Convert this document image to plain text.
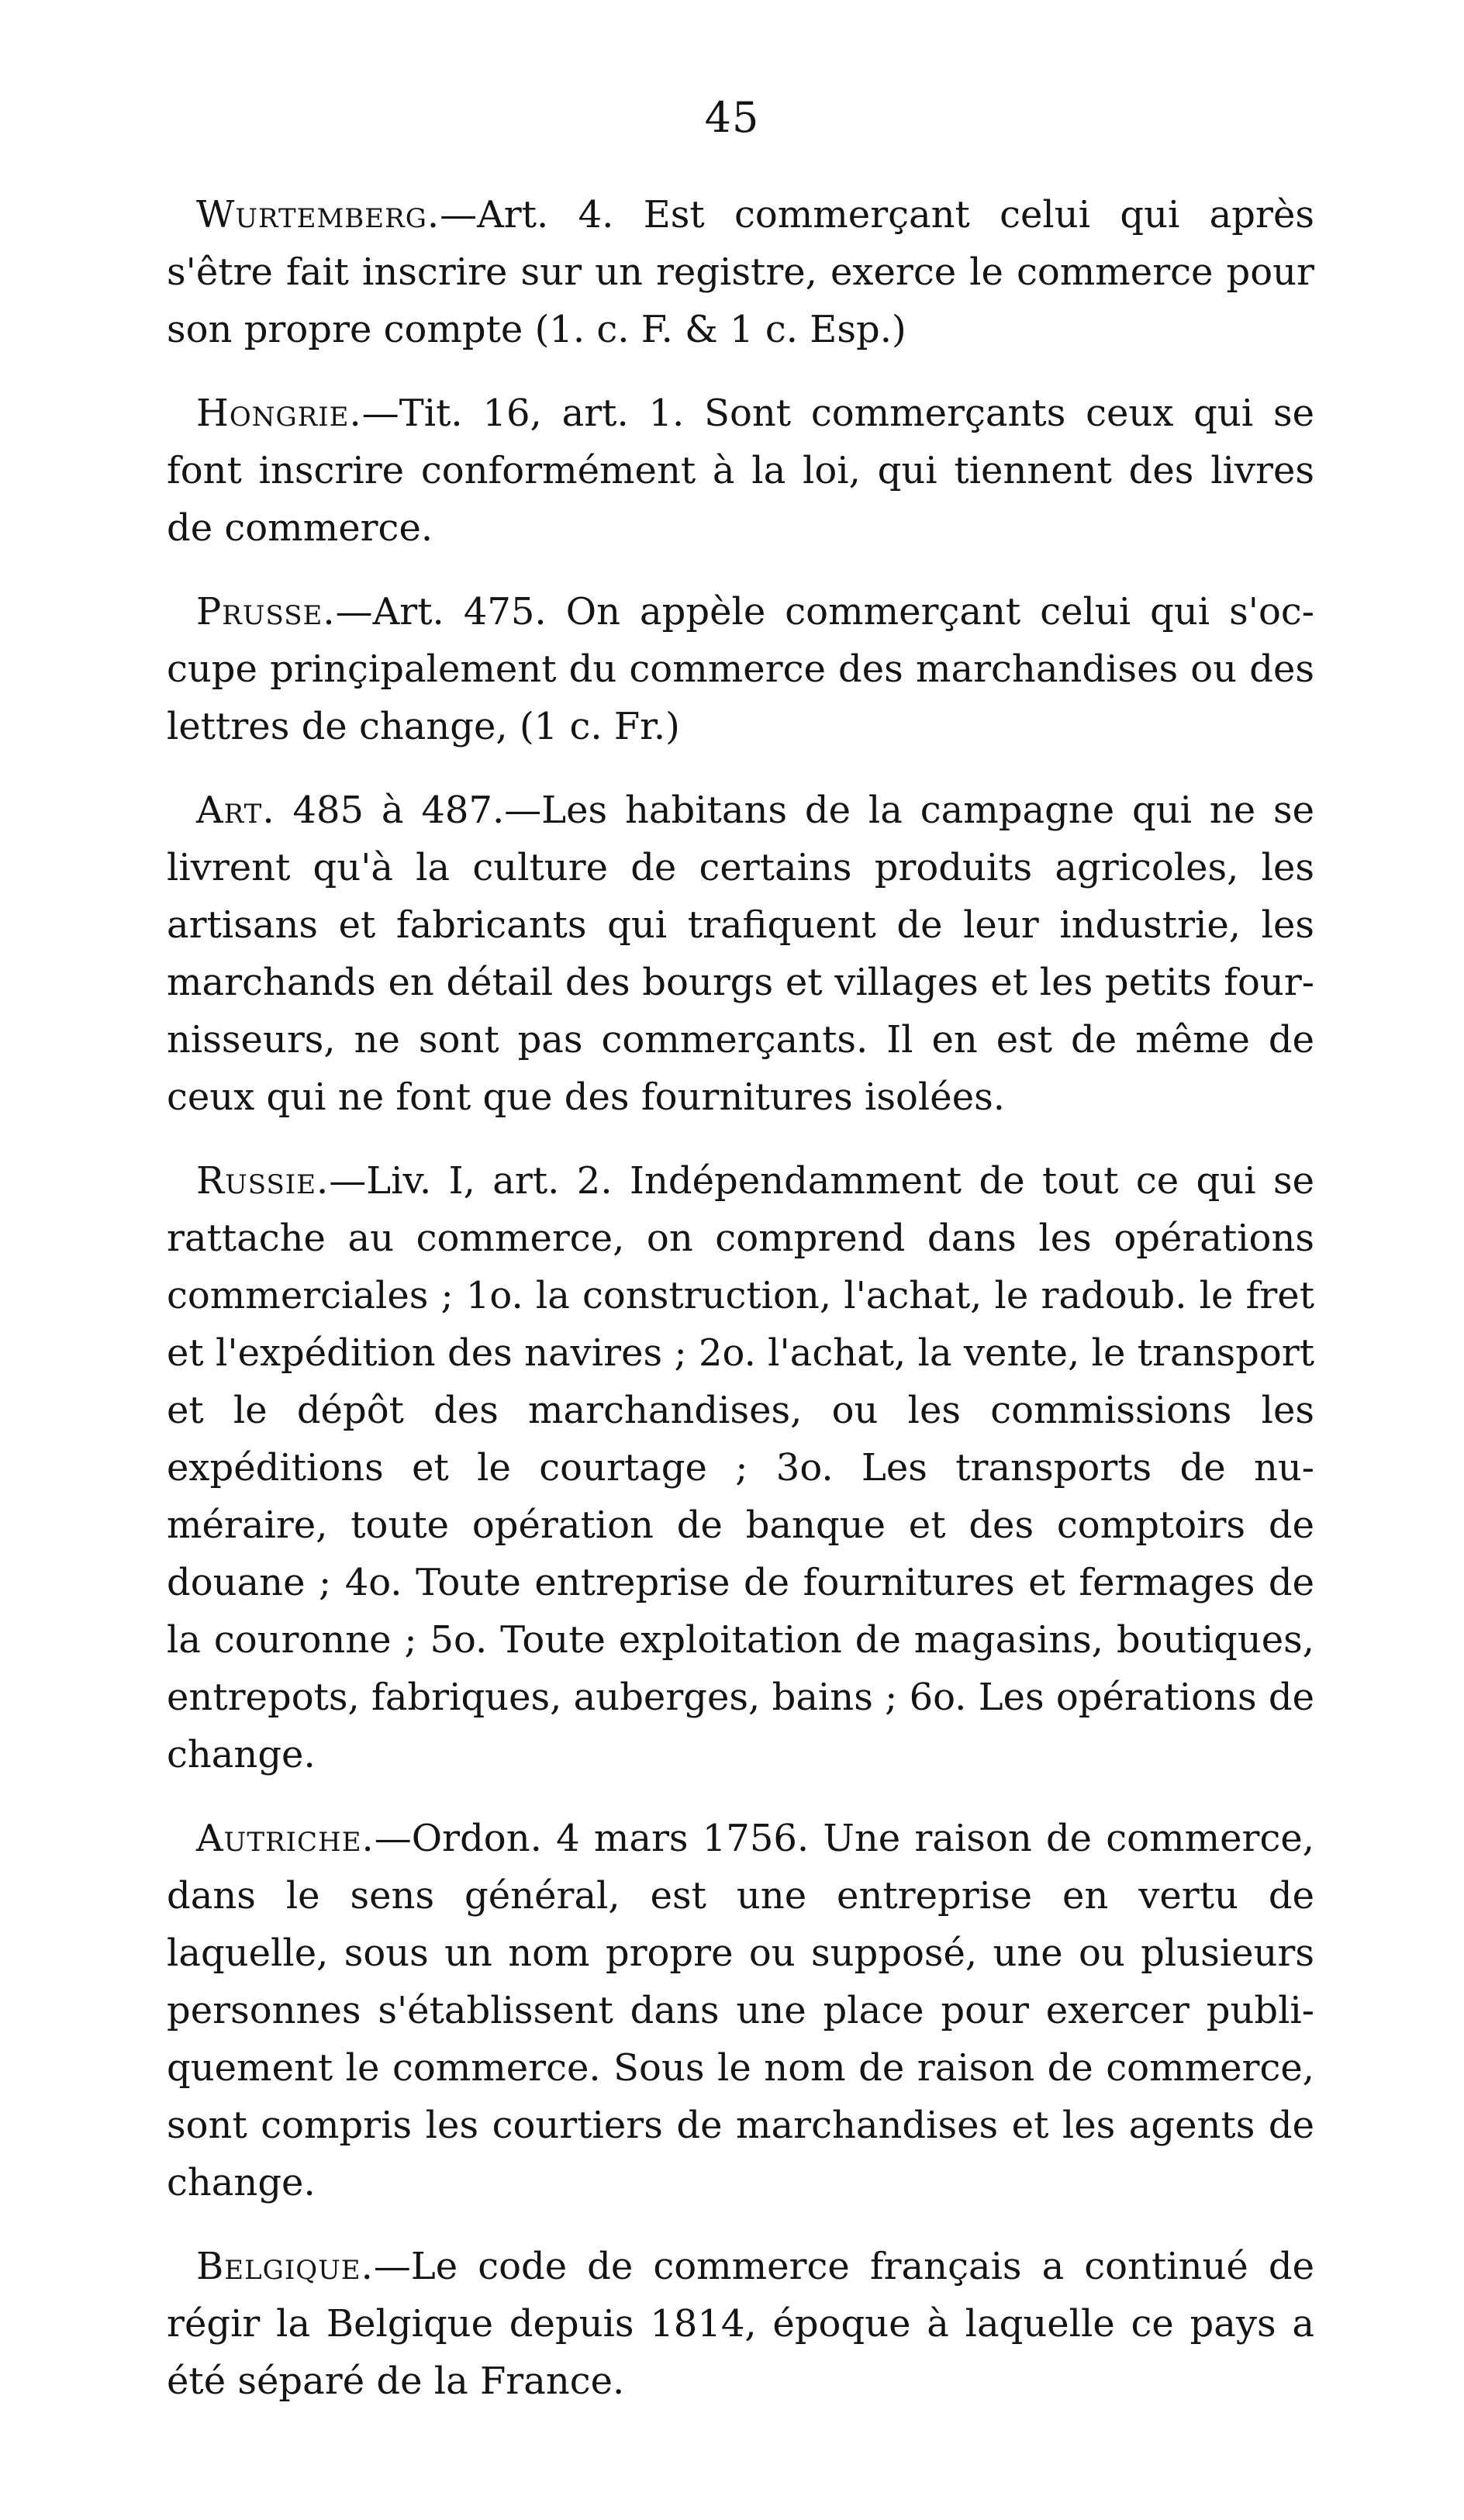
45

Wurtemberg.—Art. 4. Est commerçant celui qui après s'être fait inscrire sur un registre, exerce le commerce pour son propre compte (1. c. F. & 1 c. Esp.)

Hongrie.—Tit. 16, art. 1. Sont commerçants ceux qui se font inscrire conformément à la loi, qui tiennent des livres de commerce.

Prusse.—Art. 475. On appèle commerçant celui qui s'occupe prinçipalement du commerce des marchandises ou des lettres de change, (1 c. Fr.)

Art. 485 à 487.—Les habitans de la campagne qui ne se livrent qu'à la culture de certains produits agricoles, les artisans et fabricants qui trafiquent de leur industrie, les marchands en détail des bourgs et villages et les petits fournisseurs, ne sont pas commerçants. Il en est de même de ceux qui ne font que des fournitures isolées.

Russie.—Liv. I, art. 2. Indépendamment de tout ce qui se rattache au commerce, on comprend dans les opérations commerciales ; 1o. la construction, l'achat, le radoub. le fret et l'expédition des navires ; 2o. l'achat, la vente, le transport et le dépôt des marchandises, ou les commissions les expéditions et le courtage ; 3o. Les transports de numéraire, toute opération de banque et des comptoirs de douane ; 4o. Toute entreprise de fournitures et fermages de la couronne ; 5o. Toute exploitation de magasins, boutiques, entrepots, fabriques, auberges, bains ; 6o. Les opérations de change.

Autriche.—Ordon. 4 mars 1756. Une raison de commerce, dans le sens général, est une entreprise en vertu de laquelle, sous un nom propre ou supposé, une ou plusieurs personnes s'établissent dans une place pour exercer publiquement le commerce. Sous le nom de raison de commerce, sont compris les courtiers de marchandises et les agents de change.

Belgique.—Le code de commerce français a continué de régir la Belgique depuis 1814, époque à laquelle ce pays a été séparé de la France.
